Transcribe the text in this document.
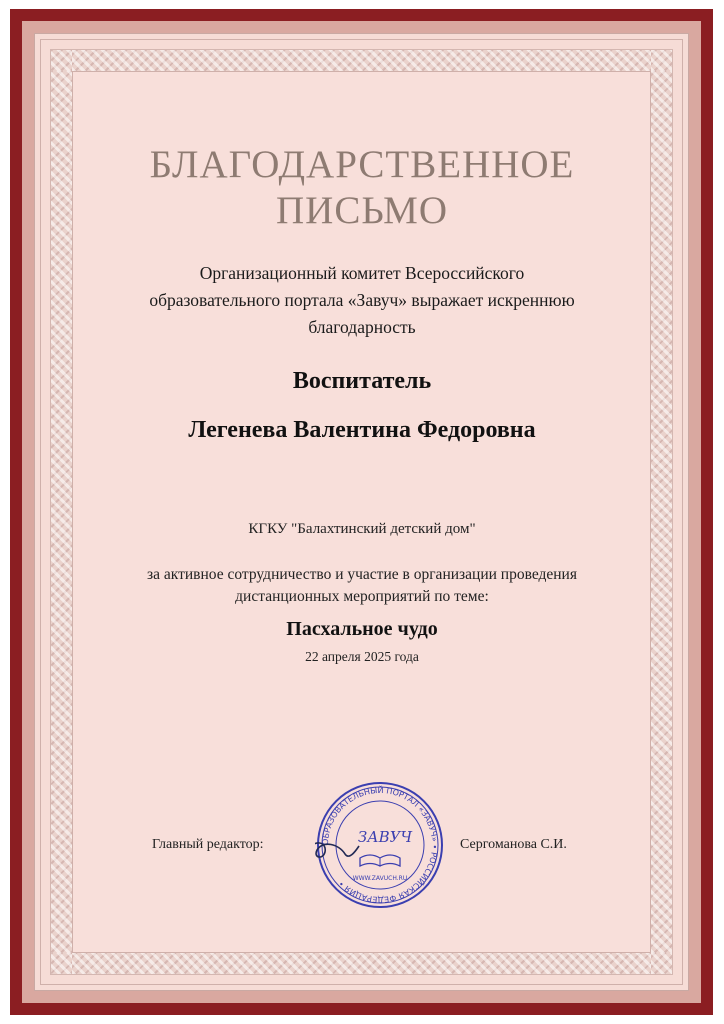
БЛАГОДАРСТВЕННОЕ
ПИСЬМО
Организационный комитет Всероссийского
образовательного портала «Завуч» выражает искреннюю
благодарность
Воспитатель
Легенева Валентина Федоровна
КГКУ "Балахтинский детский дом"
за активное сотрудничество и участие в организации проведения
дистанционных мероприятий по теме:
Пасхальное чудо
22 апреля 2025 года
Главный редактор:	Сергоманова С.И.
ОБРАЗОВАТЕЛЬНЫЙ ПОРТАЛ «ЗАВУЧ» • РОССИЙСКАЯ ФЕДЕРАЦИЯ •
ЗАВУЧ
WWW.ZAVUCH.RU
